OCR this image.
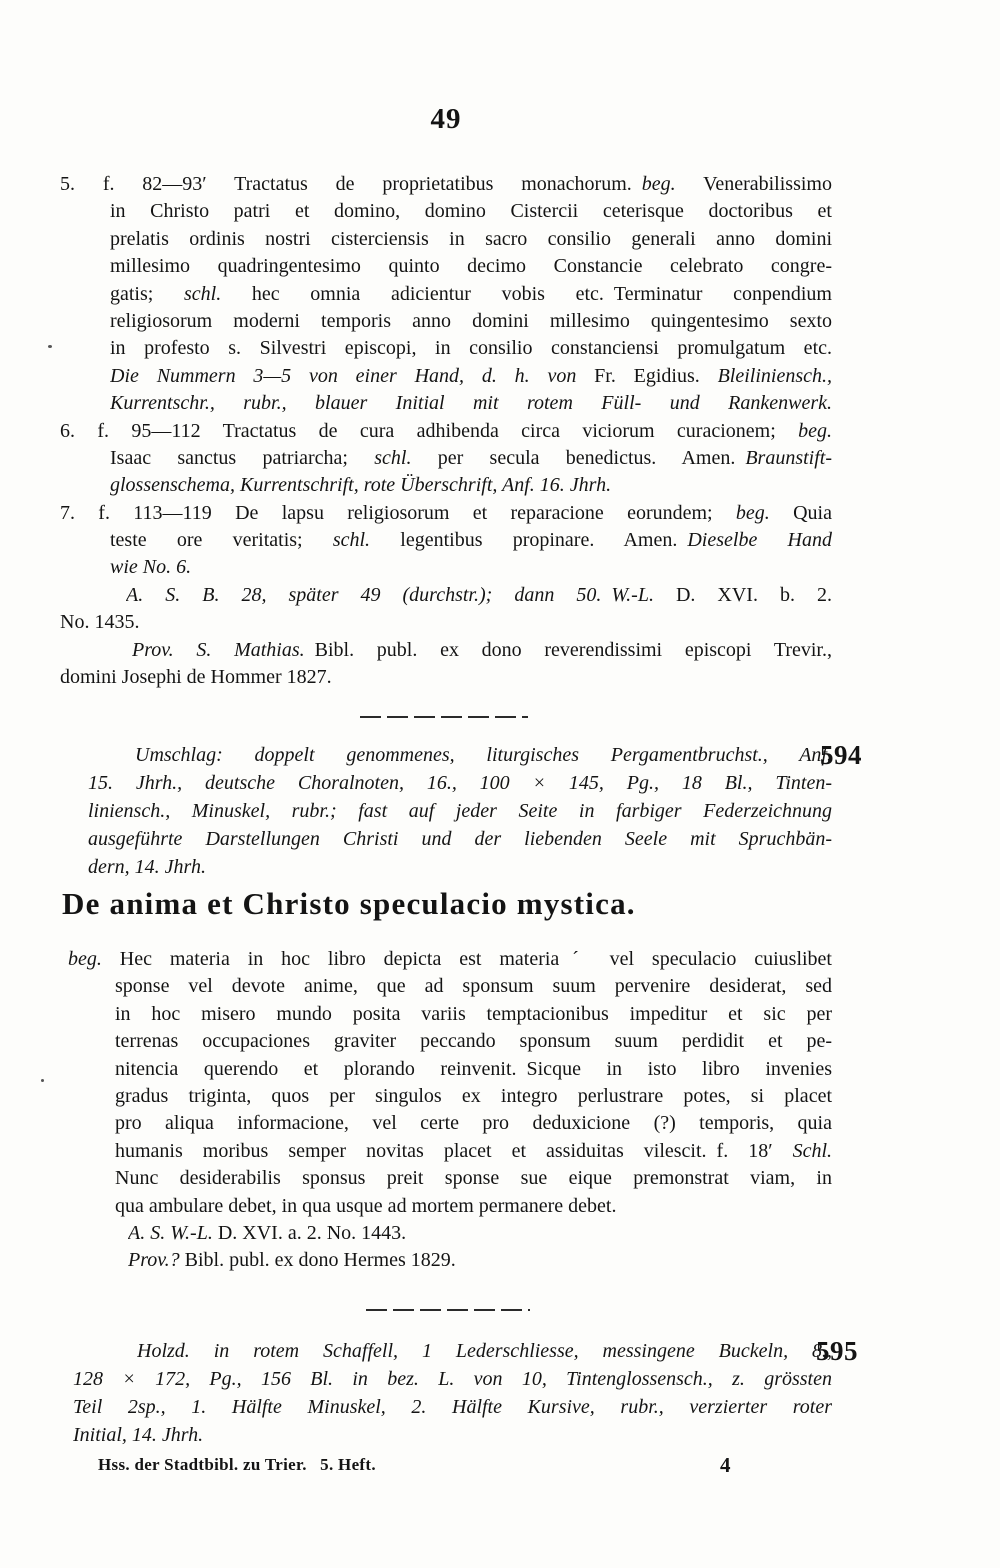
49
5. f. 82—93′ Tractatus de proprietatibus monachorum. beg. Venerabilissimo
in Christo patri et domino, domino Cistercii ceterisque doctoribus et
prelatis ordinis nostri cisterciensis in sacro consilio generali anno domini
millesimo quadringentesimo quinto decimo Constancie celebrato congre-
gatis; schl. hec omnia adicientur vobis etc. Terminatur conpendium
religiosorum moderni temporis anno domini millesimo quingentesimo sexto
in profesto s. Silvestri episcopi, in consilio constanciensi promulgatum etc.
Die Nummern 3—5 von einer Hand, d. h. von Fr. Egidius. Bleiliniensch.,
Kurrentschr., rubr., blauer Initial mit rotem Füll- und Rankenwerk.
6. f. 95—112 Tractatus de cura adhibenda circa viciorum curacionem; beg.
Isaac sanctus patriarcha; schl. per secula benedictus. Amen. Braunstift-
glossenschema, Kurrentschrift, rote Überschrift, Anf. 16. Jhrh.
7. f. 113—119 De lapsu religiosorum et reparacione eorundem; beg. Quia
teste ore veritatis; schl. legentibus propinare. Amen. Dieselbe Hand
wie No. 6.
A. S. B. 28, später 49 (durchstr.); dann 50. W.-L. D. XVI. b. 2.
No. 1435.
Prov. S. Mathias. Bibl. publ. ex dono reverendissimi episcopi Trevir.,
domini Josephi de Hommer 1827.
594
Umschlag: doppelt genommenes, liturgisches Pergamentbruchst., Anf.
15. Jhrh., deutsche Choralnoten, 16., 100 × 145, Pg., 18 Bl., Tinten-
liniensch., Minuskel, rubr.; fast auf jeder Seite in farbiger Federzeichnung
ausgeführte Darstellungen Christi und der liebenden Seele mit Spruchbän-
dern, 14. Jhrh.
De anima et Christo speculacio mystica.
beg. Hec materia in hoc libro depicta est materiaˊ vel speculacio cuiuslibet
sponse vel devote anime, que ad sponsum suum pervenire desiderat, sed
in hoc misero mundo posita variis temptacionibus impeditur et sic per
terrenas occupaciones graviter peccando sponsum suum perdidit et pe-
nitencia querendo et plorando reinvenit. Sicque in isto libro invenies
gradus triginta, quos per singulos ex integro perlustrare potes, si placet
pro aliqua informacione, vel certe pro deduxicione (?) temporis, quia
humanis moribus semper novitas placet et assiduitas vilescit. f. 18′ Schl.
Nunc desiderabilis sponsus preit sponse sue eique premonstrat viam, in
qua ambulare debet, in qua usque ad mortem permanere debet.
A. S. W.-L. D. XVI. a. 2. No. 1443.
Prov.? Bibl. publ. ex dono Hermes 1829.
595
Holzd. in rotem Schaffell, 1 Lederschliesse, messingene Buckeln, 8.,
128 × 172, Pg., 156 Bl. in bez. L. von 10, Tintenglossensch., z. grössten
Teil 2sp., 1. Hälfte Minuskel, 2. Hälfte Kursive, rubr., verzierter roter
Initial, 14. Jhrh.
Hss. der Stadtbibl. zu Trier.  5. Heft.	4
